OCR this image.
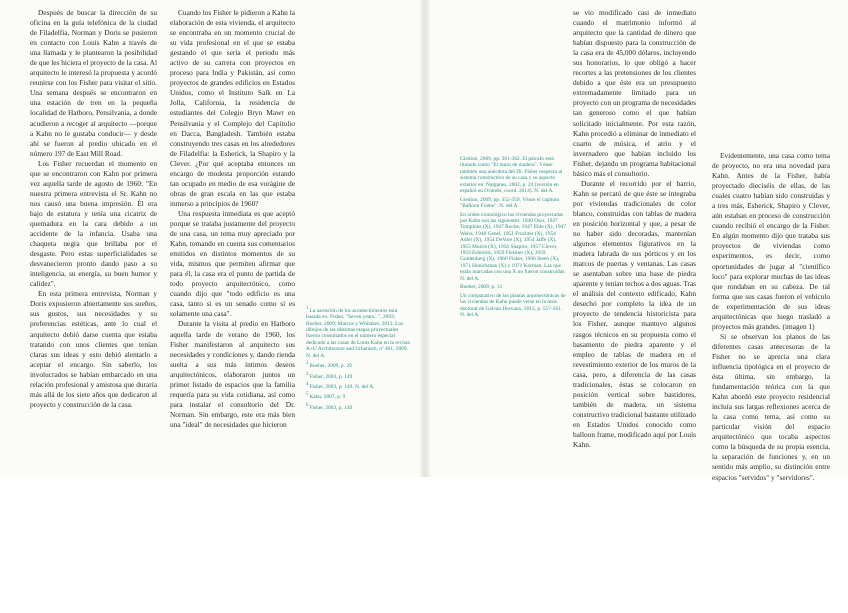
Después de buscar la dirección de su oficina en la guía telefónica de la ciudad de Filadelfia, Norman y Doris se pusieron en contacto con Louis Kahn a través de una llamada y le plantearon la posibilidad de que les hiciera el proyecto de la casa. Al arquitecto le interesó la propuesta y acordó reunirse con los Fisher para visitar el sitio. Una semana después se encontraron en una estación de tren en la pequeña localidad de Hatboro, Pensilvania, a donde acudieron a recoger al arquitecto —porque a Kahn no le gustaba conducir— y desde ahí se fueron al predio ubicado en el número 197 de East Mill Road.

Los Fisher recuerdan el momento en que se encontraron con Kahn por primera vez aquella tarde de agosto de 1960: "En nuestra primera entrevista el Sr. Kahn no nos causó una buena impresión. Él era bajo de estatura y tenía una cicatriz de quemadura en la cara debido a un accidente de la infancia. Usaba una chaqueta negra que brillaba por el desgaste. Pero estas superficialidades se desvanecieron pronto dando paso a su inteligencia, su energía, su buen humor y calidez".

En esta primera entrevista, Norman y Doris expusieron abiertamente sus sueños, sus gustos, sus necesidades y su preferencias estéticas, ante lo cual el arquitecto debió darse cuenta que estaba tratando con unos clientes que tenían claras sus ideas y esto debió alentarlo a aceptar el encargo. Sin saberlo, los involucrados se habían embarcado en una relación profesional y amistosa que duraría más allá de los siete años que dedicaron al proyecto y construcción de la casa.

Cuando los Fisher le pidieron a Kahn la elaboración de esta vivienda, el arquitecto se encontraba en un momento crucial de su vida profesional en el que se estaba gestando el que sería el periodo más activo de su carrera con proyectos en proceso para India y Pakistán, así como proyectos de grandes edificios en Estados Unidos, como el Instituto Salk en La Jolla, California, la residencia de estudiantes del Colegio Bryn Mawr en Pensilvania y el Complejo del Capitolio en Dacca, Bangladesh. También estaba construyendo tres casas en los alrededores de Filadelfia: la Esherick, la Shapiro y la Clever. ¿Por qué aceptaba entonces un encargo de modesta proporción estando tan ocupado en medio de esa vorágine de obras de gran escala en las que estaba inmerso a principios de 1960?

Una respuesta inmediata es que aceptó porque se trataba justamente del proyecto de una casa, un tema muy apreciado por Kahn, tomando en cuenta sus comentarios emitidos en distintos momentos de su vida, mismos que permiten afirmar que para él, la casa era el punto de partida de todo proyecto arquitectónico, como cuando dijo que "todo edificio es una casa, tanto si es un senado como si es solamente una casa".

Durante la visita al predio en Hatboro aquella tarde de verano de 1960, los Fisher manifestaron al arquitecto sus necesidades y condiciones y, dando rienda suelta a sus más íntimos deseos arquitectónicos, elaboraron juntos un primer listado de espacios que la familia requería para su vida cotidiana, así como para instalar el consultorio del Dr. Norman. Sin embargo, este era más bien una "ideal" de necesidades que hicieron

1La narración de los acontecimientos está basada en: Fisher, "Seven years...", 2003; Boeher, 2009; Marcus y Whitaker, 2013. Los dibujos de las distintas etapas proyectuales fueron consultados en el número especial dedicado a las casas de Louis Kahn en la revista A+U Architecture and Urbanism, nº 461, 2009. N. del A.

2Boeher, 2009, p. 29

3Fisher, 2003, p. 149

4Fisher, 2003, p. 149. N. del A.

5Kahn, 2007, p. 9

6Fisher, 2003, p. 149

Giedion, 2009, pp. 361-362. El párrafo está titulado como "El muro de madera". Véase también una anécdota del Dr. Fisher respecto al sistema constructivo de su casa y su aspecto exterior en: Narganes, 2002, p. 24 (versión en español en Ovando, coord. 2014). N. del A.

Giedion, 2009, pp. 352-359. Véase el capítulo "Balloon Frame". N. del A.

En orden cronológico las viviendas proyectadas por Kahn son las siguientes: 1940 Oser, 1947 Tompkins (X), 1947 Roche, 1947 Ehle (X), 1947 Weiss, 1948 Genel, 1951 Fruchter (X), 1954 Adler (X), 1954 DeVore (X), 1954 Jaffe (X), 1955 Morris (X), 1956 Shapiro, 1957 Clever, 1959 Esherick, 1959 Fleisher (X), 1959 Goldenberg (X), 1960 Fisher, 1966 Steen (X), 1971 Honickman (X) y 1971 Korman. Las que están marcadas con una X no fueron construidas. N. del A.

Boeher, 2009, p. 31

Un comparativo de las plantas arquitectónicas de las viviendas de Kahn puede verse en la tesis doctoral de Galván Desvaux, 2012, p. 557-561. N. del A.

se vio modificado casi de inmediato cuando el matrimonio informó al arquitecto que la cantidad de dinero que habían dispuesto para la construcción de la casa era de 45,000 dólares, incluyendo sus honorarios, lo que obligó a hacer recortes a las pretensiones de los clientes debido a que éste era un presupuesto extremadamente limitado para un proyecto con un programa de necesidades tan generoso como el que habían solicitado inicialmente. Por esta razón, Kahn procedió a eliminar de inmediato el cuarto de música, el atrio y el invernadero que habían incluido los Fisher, dejando un programa habitacional básico más el consultorio.

Durante el recorrido por el barrio, Kahn se percató de que éste se integraba por viviendas tradicionales de color blanco, construidas con tablas de madera en posición horizontal y que, a pesar de no haber sido decoradas, mantenían algunos elementos figurativos en la madera labrada de sus pórticos y en los marcos de puertas y ventanas. Las casas se asentaban sobre una base de piedra aparente y tenían techos a dos aguas. Tras el análisis del contexto edificado, Kahn desechó por completo la idea de un proyecto de tendencia historicista para los Fisher, aunque mantuvo algunos rasgos técnicos en su propuesta como el basamento de piedra aparente y el empleo de tablas de madera en el revestimiento exterior de los muros de la casa, pero, a diferencia de las casas tradicionales, éstas se colocaron en posición vertical sobre bastidores, también de madera, un sistema constructivo tradicional bastante utilizado en Estados Unidos conocido como balloon frame, modificado aquí por Louis Kahn.

Evidentemente, una casa como tema de proyecto, no era una novedad para Kahn. Antes de la Fisher, había proyectado dieciséis de ellas, de las cuales cuatro habían sido construidas y a tres más, Esherick, Shapiro y Clever, aún estaban en proceso de construcción cuando recibió el encargo de la Fisher. En algún momento dijo que trataba sus proyectos de viviendas como experimentos, es decir, como oportunidades de jugar al "científico loco" para explorar muchas de las ideas que rondaban en su cabeza. De tal forma que sus casas fueron el vehículo de experimentación de sus ideas arquitectónicas que luego trasladó a proyectos más grandes. (imagen 1)

Si se observan los planos de las diferentes casas antecesoras de la Fisher no se aprecia una clara influencia tipológica en el proyecto de ésta última, sin embargo, la fundamentación teórica con la que Kahn abordó este proyecto residencial incluía sus largas reflexiones acerca de la casa como tema, así como su particular visión del espacio arquitectónico que tocaba aspectos como la búsqueda de su propia esencia, la separación de funciones y, en un sentido más amplio, su distinción entre espacios "servidos" y "servidores".
